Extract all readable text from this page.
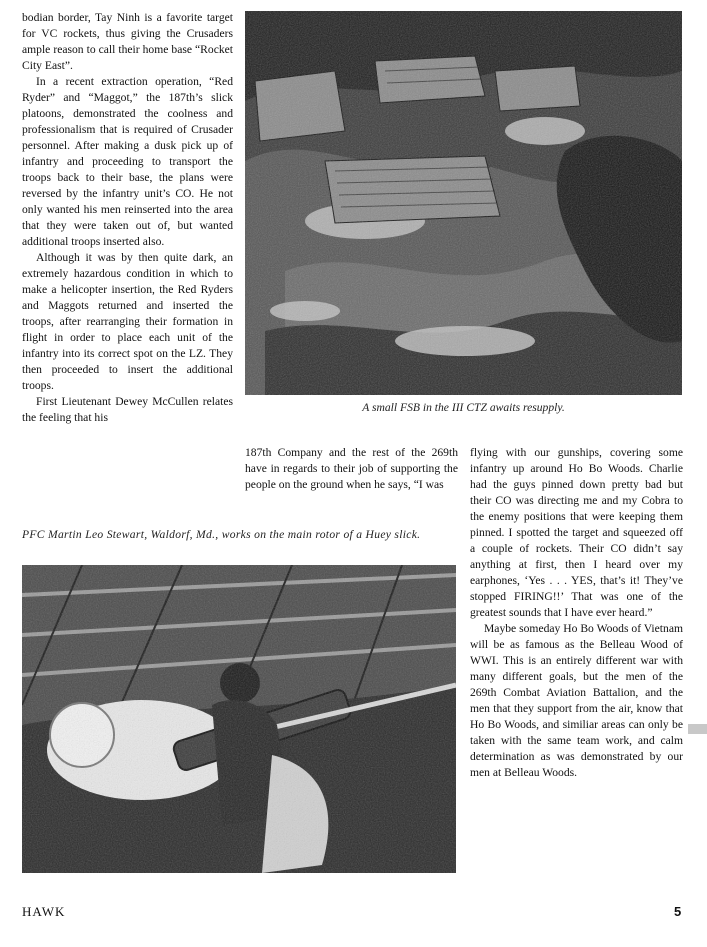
bodian border, Tay Ninh is a favorite target for VC rockets, thus giving the Crusaders ample reason to call their home base “Rocket City East”.

In a recent extraction operation, “Red Ryder” and “Maggot,” the 187th’s slick platoons, demonstrated the coolness and professionalism that is required of Crusader personnel. After making a dusk pick up of infantry and proceeding to transport the troops back to their base, the plans were reversed by the infantry unit’s CO. He not only wanted his men reinserted into the area that they were taken out of, but wanted additional troops inserted also.

Although it was by then quite dark, an extremely hazardous condition in which to make a helicopter insertion, the Red Ryders and Maggots returned and inserted the troops, after rearranging their formation in flight in order to place each unit of the infantry into its correct spot on the LZ. They then proceeded to insert the additional troops.

First Lieutenant Dewey McCullen relates the feeling that his

A small FSB in the III CTZ awaits resupply.

187th Company and the rest of the 269th have in regards to their job of supporting the people on the ground when he says, “I was

flying with our gunships, covering some infantry up around Ho Bo Woods. Charlie had the guys pinned down pretty bad but their CO was directing me and my Cobra to the enemy positions that were keeping them pinned. I spotted the target and squeezed off a couple of rockets. Their CO didn’t say anything at first, then I heard over my earphones, ‘Yes . . . YES, that’s it! They’ve stopped FIRING!!’ That was one of the greatest sounds that I have ever heard.”

Maybe someday Ho Bo Woods of Vietnam will be as famous as the Belleau Wood of WWI. This is an entirely different war with many different goals, but the men of the 269th Combat Aviation Battalion, and the men that they support from the air, know that Ho Bo Woods, and similiar areas can only be taken with the same team work, and calm determination as was demonstrated by our men at Belleau Woods.

PFC Martin Leo Stewart, Waldorf, Md., works on the main rotor of a Huey slick.
HAWK	5
